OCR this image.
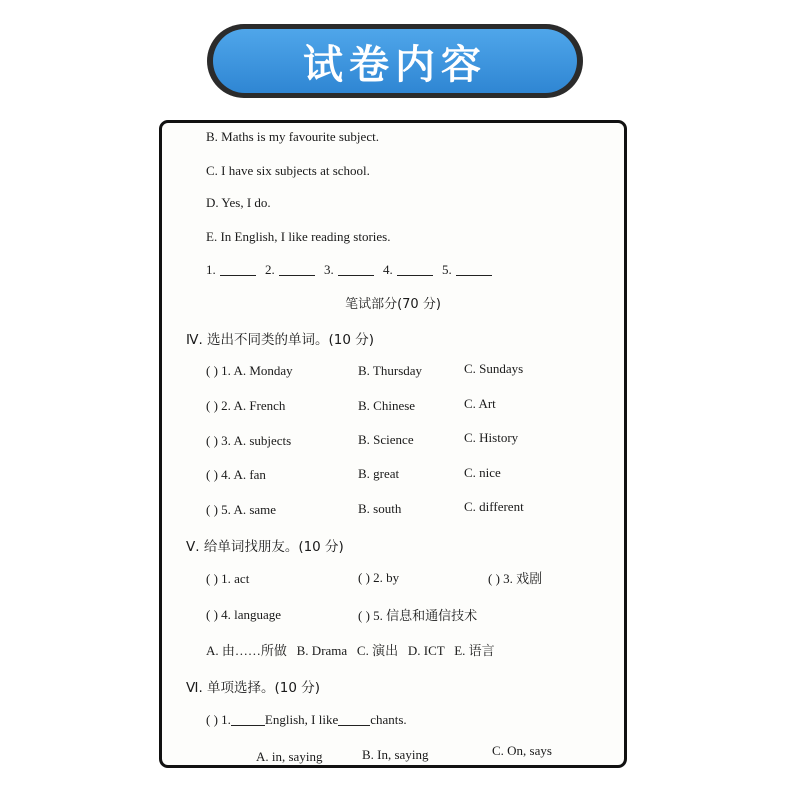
试卷内容
B. Maths is my favourite subject.
C. I have six subjects at school.
D. Yes, I do.
E. In English, I like reading stories.
1.	2.	3.	4.	5.
笔试部分(70 分)
Ⅳ. 选出不同类的单词。(10 分)
( ) 1. A. Monday	B. Thursday	C. Sundays
( ) 2. A. French	B. Chinese	C. Art
( ) 3. A. subjects	B. Science	C. History
( ) 4. A. fan	B. great	C. nice
( ) 5. A. same	B. south	C. different
Ⅴ. 给单词找朋友。(10 分)
( ) 1. act	( ) 2. by	( ) 3. 戏剧
( ) 4. language	( ) 5. 信息和通信技术
A. 由……所做   B. Drama   C. 演出   D. ICT   E. 语言
Ⅵ. 单项选择。(10 分)
( ) 1.	English, I like chants.
A. in, saying	B. In, saying	C. On, says
